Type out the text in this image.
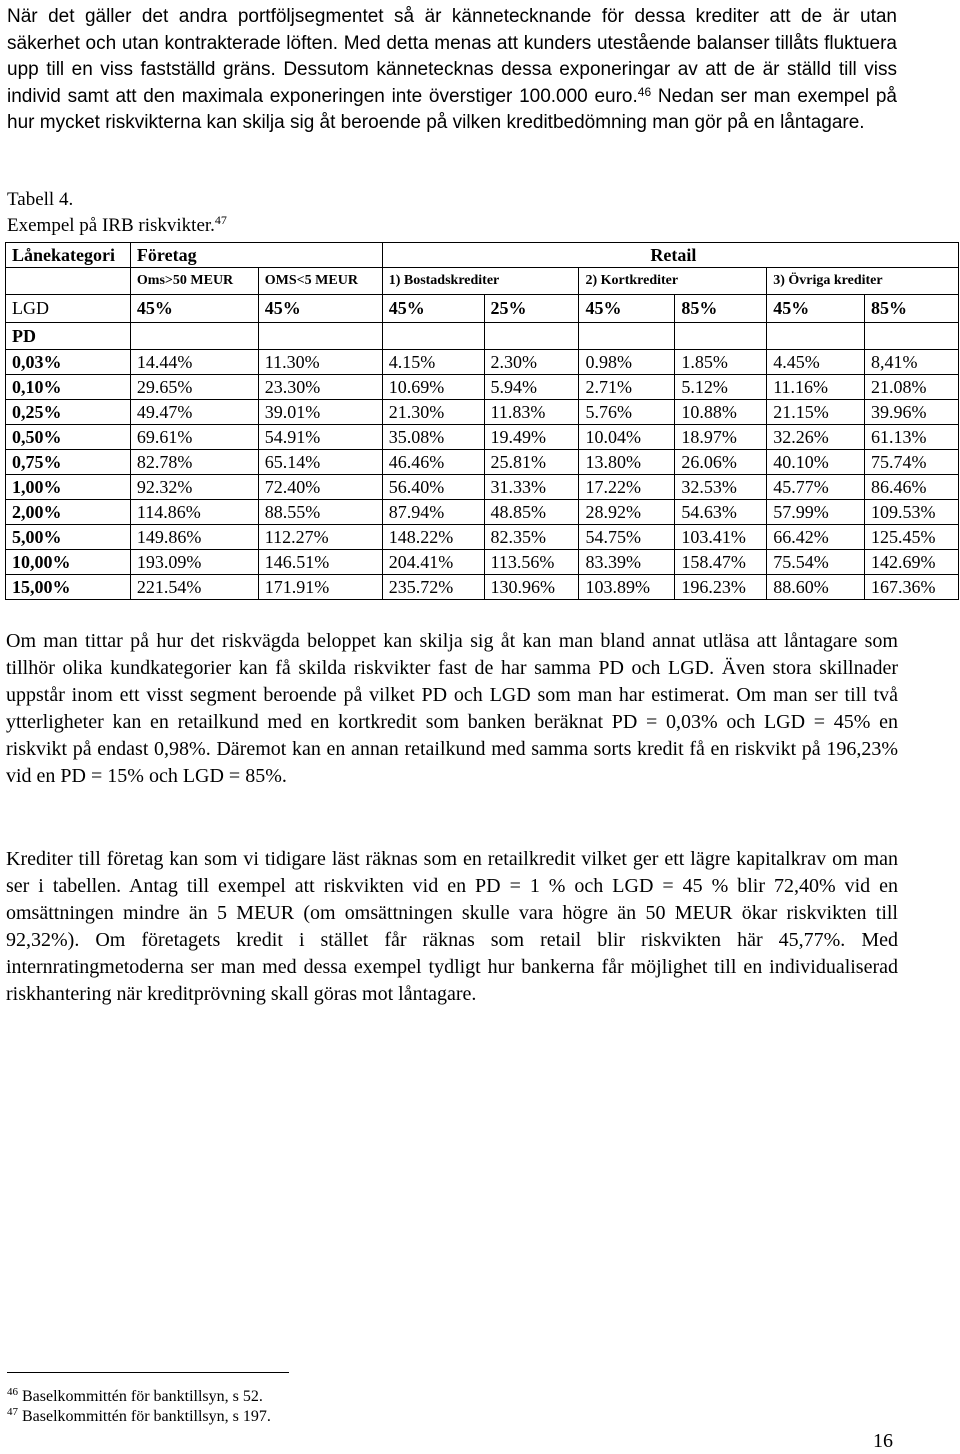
När det gäller det andra portföljsegmentet så är kännetecknande för dessa krediter att de är utan säkerhet och utan kontrakterade löften. Med detta menas att kunders utestående balanser tillåts fluktuera upp till en viss fastställd gräns. Dessutom kännetecknas dessa exponeringar av att de är ställd till viss individ samt att den maximala exponeringen inte överstiger 100.000 euro.$^{46}$ Nedan ser man exempel på hur mycket riskvikterna kan skilja sig åt beroende på vilken kreditbedömning man gör på en låntagare.

Tabell 4.

Exempel på IRB riskvikter.$^{47}$

Lånekategori	Företag		Retail					
	Oms>50 MEUR	OMS<5 MEUR	1) Bostadskrediter		2) Kortkrediter		3) Övriga krediter	
LGD	45%	45%	45%	25%	45%	85%	45%	85%
PD								
0,03%	14.44%	11.30%	4.15%	2.30%	0.98%	1.85%	4.45%	8,41%
0,10%	29.65%	23.30%	10.69%	5.94%	2.71%	5.12%	11.16%	21.08%
0,25%	49.47%	39.01%	21.30%	11.83%	5.76%	10.88%	21.15%	39.96%
0,50%	69.61%	54.91%	35.08%	19.49%	10.04%	18.97%	32.26%	61.13%
0,75%	82.78%	65.14%	46.46%	25.81%	13.80%	26.06%	40.10%	75.74%
1,00%	92.32%	72.40%	56.40%	31.33%	17.22%	32.53%	45.77%	86.46%
2,00%	114.86%	88.55%	87.94%	48.85%	28.92%	54.63%	57.99%	109.53%
5,00%	149.86%	112.27%	148.22%	82.35%	54.75%	103.41%	66.42%	125.45%
10,00%	193.09%	146.51%	204.41%	113.56%	83.39%	158.47%	75.54%	142.69%
15,00%	221.54%	171.91%	235.72%	130.96%	103.89%	196.23%	88.60%	167.36%

Om man tittar på hur det riskvägda beloppet kan skilja sig åt kan man bland annat utläsa att låntagare som tillhör olika kundkategorier kan få skilda riskvikter fast de har samma PD och LGD. Även stora skillnader uppstår inom ett visst segment beroende på vilket PD och LGD som man har estimerat. Om man ser till två ytterligheter kan en retailkund med en kortkredit som banken beräknat PD = 0,03% och LGD = 45% en riskvikt på endast 0,98%. Däremot kan en annan retailkund med samma sorts kredit få en riskvikt på 196,23% vid en PD = 15% och LGD = 85%.

Krediter till företag kan som vi tidigare läst räknas som en retailkredit vilket ger ett lägre kapitalkrav om man ser i tabellen. Antag till exempel att riskvikten vid en PD = 1 % och LGD = 45 % blir 72,40% vid en omsättningen mindre än 5 MEUR (om omsättningen skulle vara högre än 50 MEUR ökar riskvikten till 92,32%). Om företagets kredit i stället får räknas som retail blir riskvikten här 45,77%. Med internratingmetoderna ser man med dessa exempel tydligt hur bankerna får möjlighet till en individualiserad riskhantering när kreditprövning skall göras mot låntagare.

$^{46}$ Baselkommittén för banktillsyn, s 52.

$^{47}$ Baselkommittén för banktillsyn, s 197.

16
